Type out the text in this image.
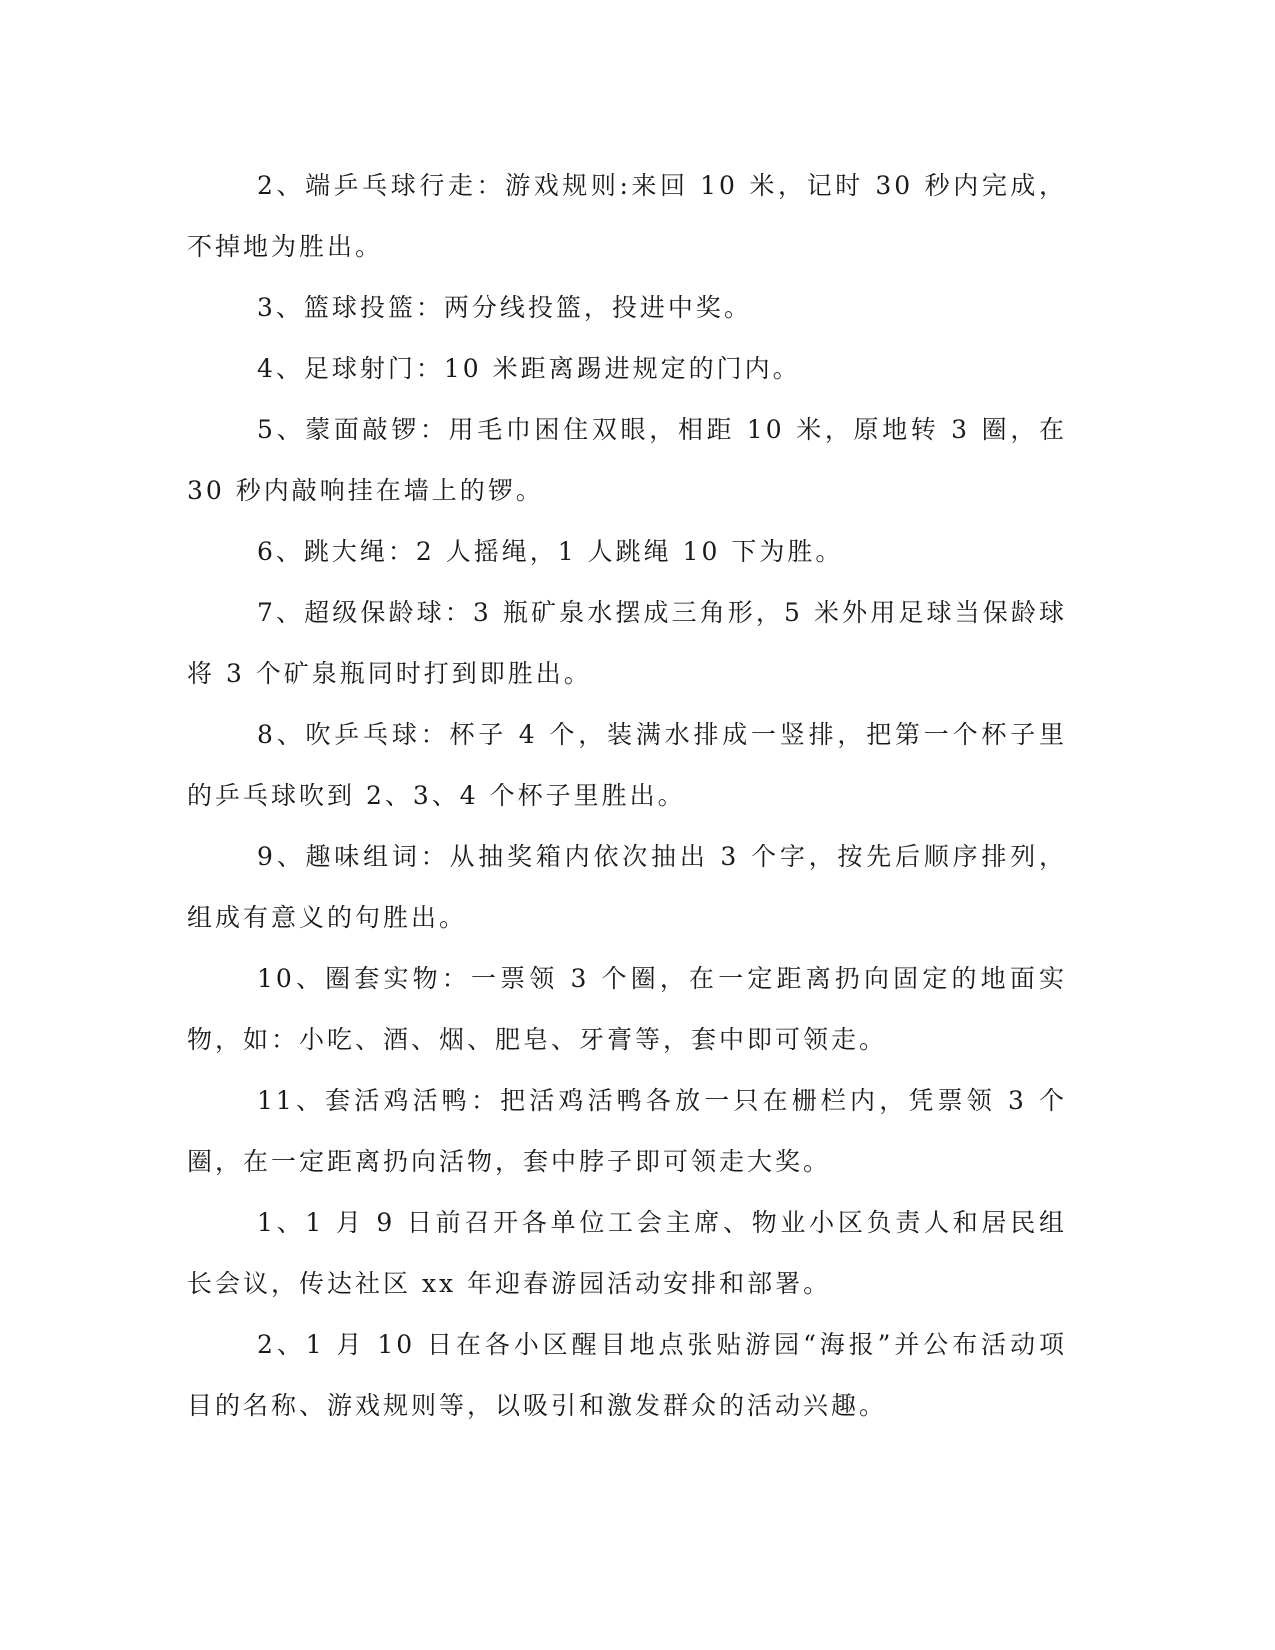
2、端乒乓球行走：游戏规则:来回 10 米，记时 30 秒内完成，不掉地为胜出。

3、篮球投篮：两分线投篮，投进中奖。

4、足球射门：10 米距离踢进规定的门内。

5、蒙面敲锣：用毛巾困住双眼，相距 10 米，原地转 3 圈，在 30 秒内敲响挂在墙上的锣。

6、跳大绳：2 人摇绳，1 人跳绳 10 下为胜。

7、超级保龄球：3 瓶矿泉水摆成三角形，5 米外用足球当保龄球将 3 个矿泉瓶同时打到即胜出。

8、吹乒乓球：杯子 4 个，装满水排成一竖排，把第一个杯子里的乒乓球吹到 2、3、4 个杯子里胜出。

9、趣味组词：从抽奖箱内依次抽出 3 个字，按先后顺序排列，组成有意义的句胜出。

10、圈套实物：一票领 3 个圈，在一定距离扔向固定的地面实物，如：小吃、酒、烟、肥皂、牙膏等，套中即可领走。

11、套活鸡活鸭：把活鸡活鸭各放一只在栅栏内，凭票领 3 个圈，在一定距离扔向活物，套中脖子即可领走大奖。

1、1 月 9 日前召开各单位工会主席、物业小区负责人和居民组长会议，传达社区 xx 年迎春游园活动安排和部署。

2、1 月 10 日在各小区醒目地点张贴游园“海报”并公布活动项目的名称、游戏规则等，以吸引和激发群众的活动兴趣。
